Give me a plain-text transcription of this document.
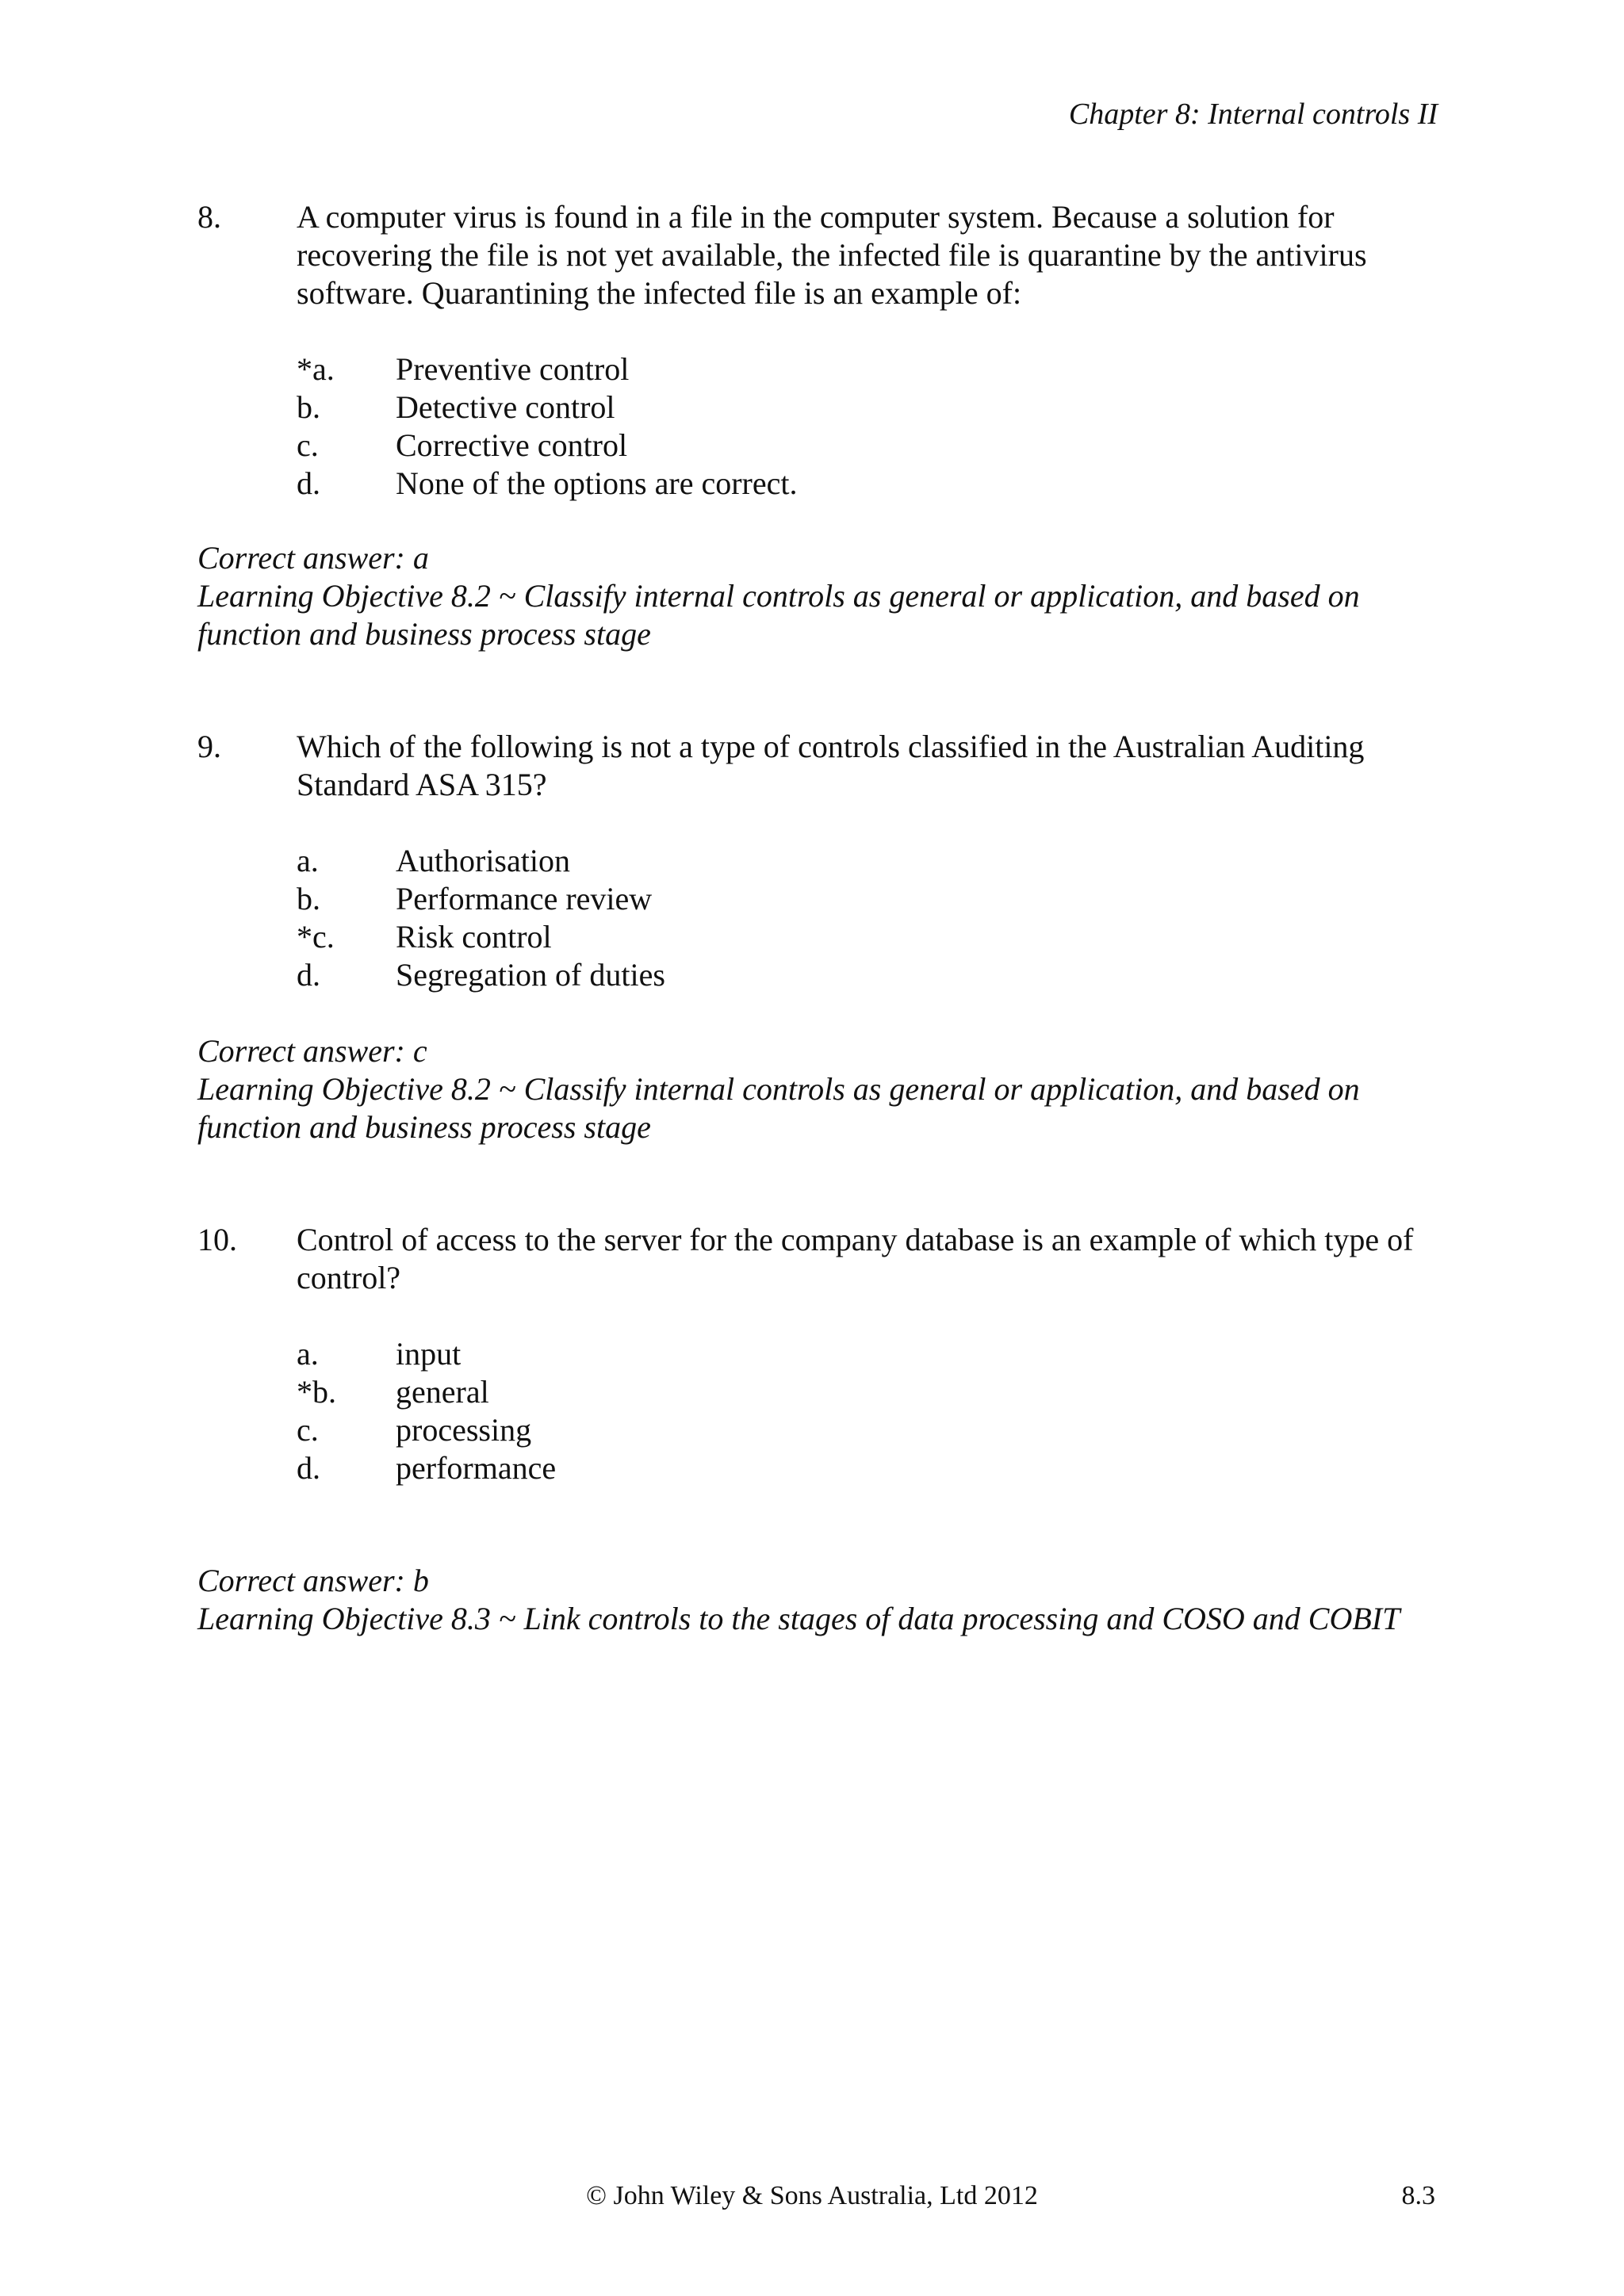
Chapter 8: Internal controls II
8. A computer virus is found in a file in the computer system. Because a solution for recovering the file is not yet available, the infected file is quarantine by the antivirus software. Quarantining the infected file is an example of:
*a. Preventive control
b. Detective control
c. Corrective control
d. None of the options are correct.
Correct answer: a
Learning Objective 8.2 ~ Classify internal controls as general or application, and based on function and business process stage
9. Which of the following is not a type of controls classified in the Australian Auditing Standard ASA 315?
a. Authorisation
b. Performance review
*c. Risk control
d. Segregation of duties
Correct answer: c
Learning Objective 8.2 ~ Classify internal controls as general or application, and based on function and business process stage
10. Control of access to the server for the company database is an example of which type of control?
a. input
*b. general
c. processing
d. performance
Correct answer: b
Learning Objective 8.3 ~ Link controls to the stages of data processing and COSO and COBIT
© John Wiley & Sons Australia, Ltd 2012	8.3
